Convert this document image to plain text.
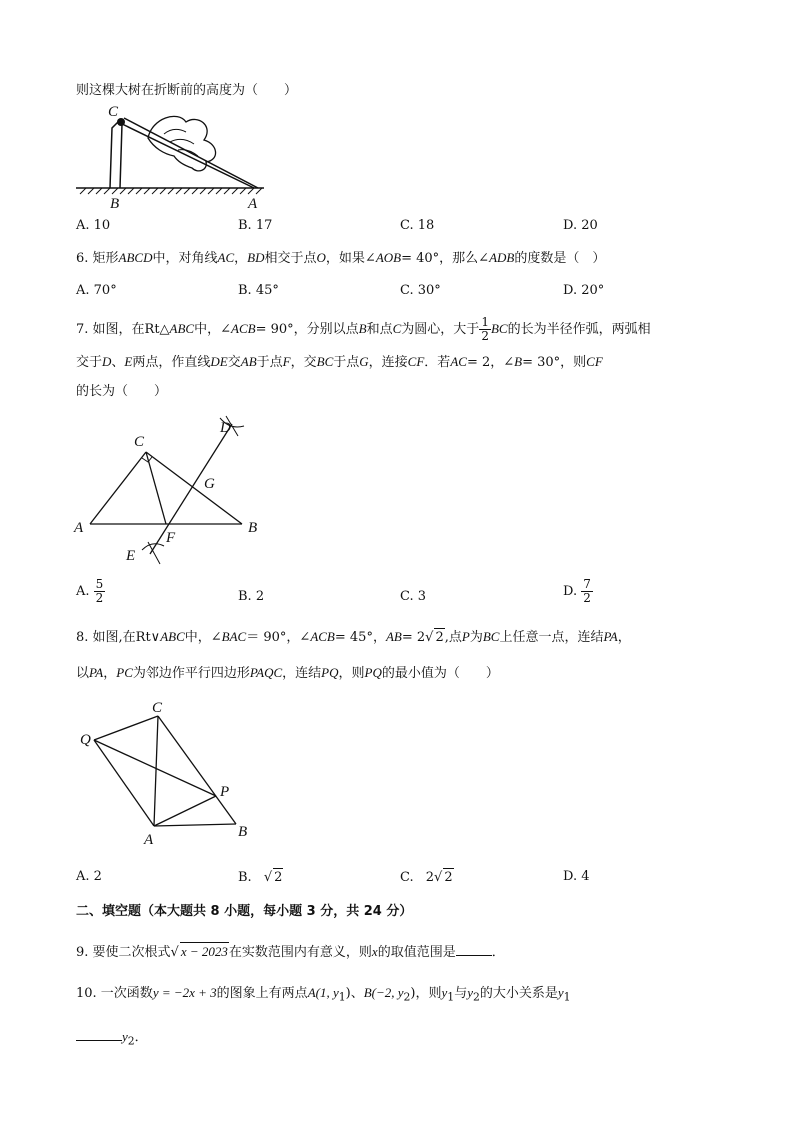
则这棵大树在折断前的高度为（　　）
C
B	A
A. 10	B. 17	C. 18	D. 20
6. 矩形ABCD中，对角线AC，BD相交于点O，如果∠AOB= 40°，那么∠ADB的度数是（　）
A. 70°	B. 45°	C. 30°	D. 20°
7. 如图，在Rt△ABC中，∠ACB= 90°，分别以点B和点C为圆心，大于 $\frac{1}{2}$ BC的长为半径作弧，两弧相
交于D、E两点，作直线DE交AB于点F，交BC于点G，连接CF．若AC= 2，∠B= 30°，则CF
的长为（　　）
C
D
G
A	B
F
E
A. $\frac{5}{2}$	B. 2	C. 3	D. $\frac{7}{2}$
8. 如图,在Rt∨ABC中，∠BAC＝ 90°，∠ACB= 45°，AB= 2√ 2,点P为BC上任意一点，连结PA，
以PA，PC为邻边作平行四边形PAQC，连结PQ，则PQ的最小值为（　　）
C
Q
P
A	B
A. 2	B. √ 2	C. 2√ 2	D. 4
二、填空题（本大题共 8 小题，每小题 3 分，共 24 分）
9. 要使二次根式√ x − 2023在实数范围内有意义，则x的取值范围是	．
10. 一次函数y = −2x + 3的图象上有两点A(1, $y_1$)、B(−2, $y_2$)，则$y_1$与$y_2$的大小关系是$y_1$
$y_2$．
